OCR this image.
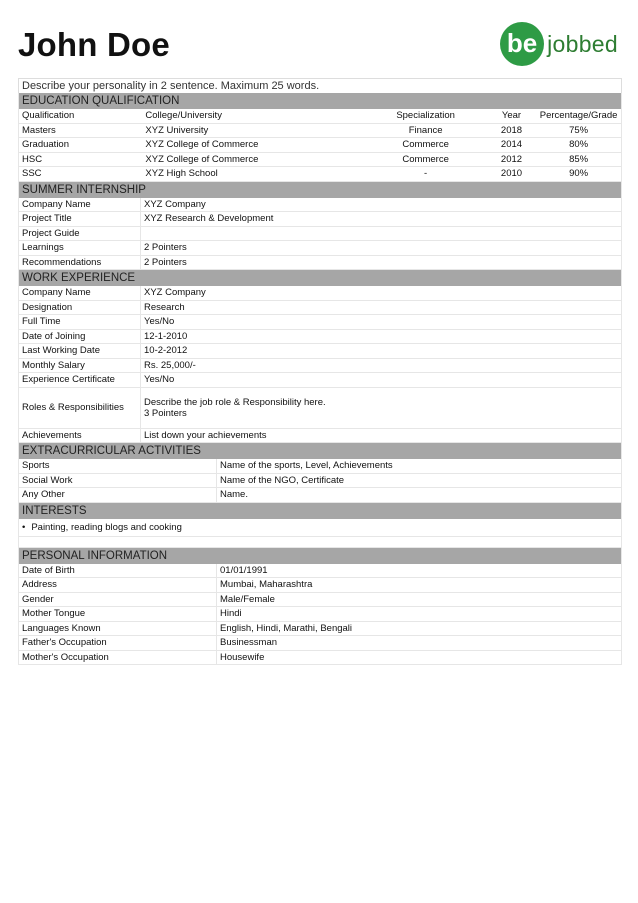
John Doe	be jobbed
Describe your personality in 2 sentence. Maximum 25 words.
EDUCATION QUALIFICATION
Qualification	College/University	Specialization	Year	Percentage/Grade
Masters	XYZ University	Finance	2018	75%
Graduation	XYZ College of Commerce	Commerce	2014	80%
HSC	XYZ College of Commerce	Commerce	2012	85%
SSC	XYZ High School	-	2010	90%
SUMMER INTERNSHIP
Company Name	XYZ Company
Project Title	XYZ Research & Development
Project Guide
Learnings	2 Pointers
Recommendations	2 Pointers
WORK EXPERIENCE
Company Name	XYZ Company
Designation	Research
Full Time	Yes/No
Date of Joining	12-1-2010
Last Working Date	10-2-2012
Monthly Salary	Rs. 25,000/-
Experience Certificate	Yes/No
Roles & Responsibilities	Describe the job role & Responsibility here.
3 Pointers
Achievements	List down your achievements
EXTRACURRICULAR ACTIVITIES
Sports	Name of the sports, Level, Achievements
Social Work	Name of the NGO, Certificate
Any Other	Name.
INTERESTS
• Painting, reading blogs and cooking
PERSONAL INFORMATION
Date of Birth	01/01/1991
Address	Mumbai, Maharashtra
Gender	Male/Female
Mother Tongue	Hindi
Languages Known	English, Hindi, Marathi, Bengali
Father's Occupation	Businessman
Mother's Occupation	Housewife
